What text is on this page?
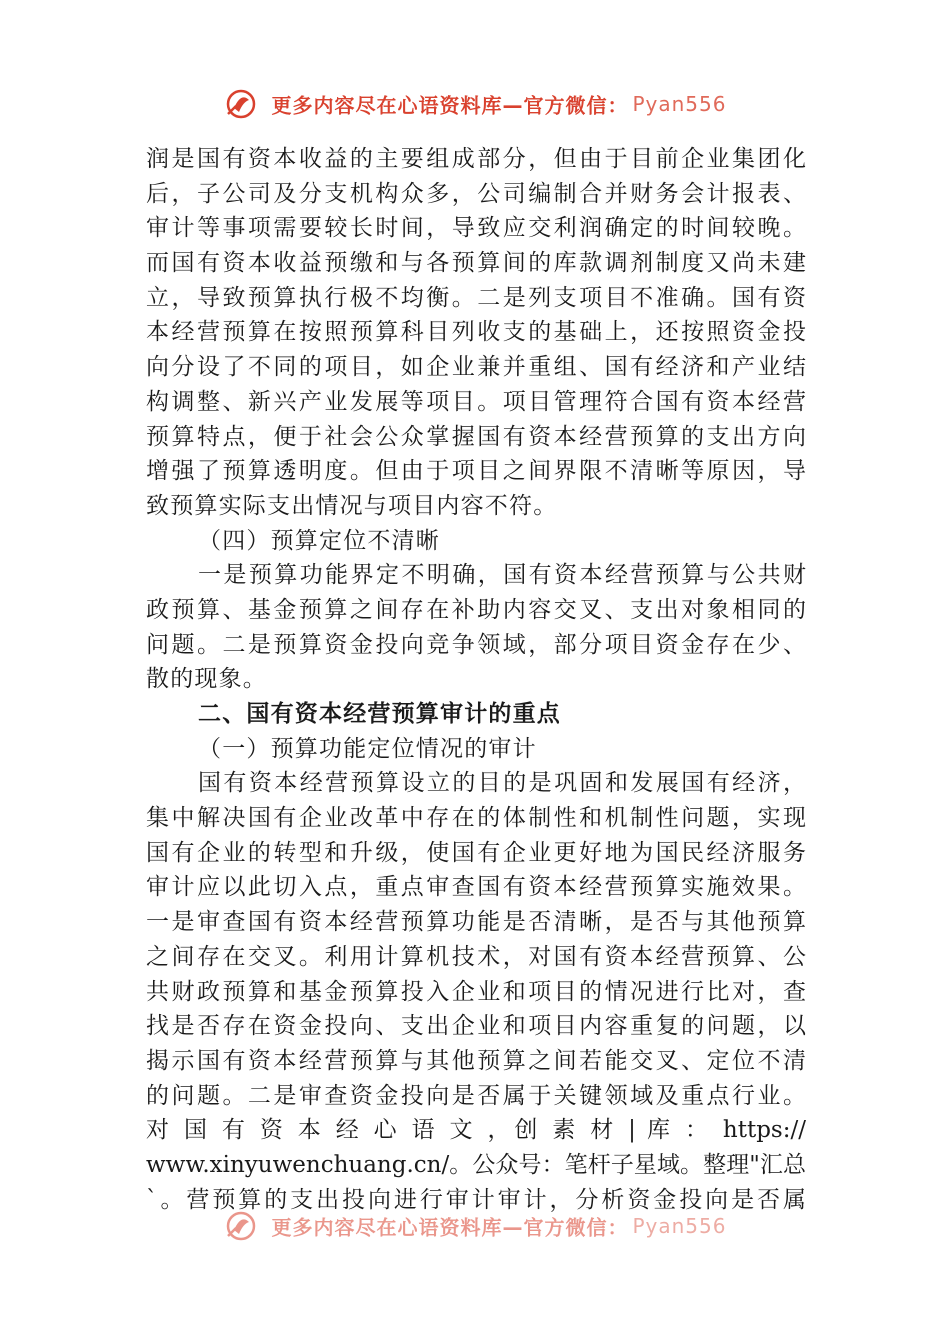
更多内容尽在心语资料库—官方微信： Pyan556
润是国有资本收益的主要组成部分，但由于目前企业集团化
后，子公司及分支机构众多，公司编制合并财务会计报表、
审计等事项需要较长时间，导致应交利润确定的时间较晚。
而国有资本收益预缴和与各预算间的库款调剂制度又尚未建
立，导致预算执行极不均衡。二是列支项目不准确。国有资
本经营预算在按照预算科目列收支的基础上，还按照资金投
向分设了不同的项目，如企业兼并重组、国有经济和产业结
构调整、新兴产业发展等项目。项目管理符合国有资本经营
预算特点，便于社会公众掌握国有资本经营预算的支出方向
增强了预算透明度。但由于项目之间界限不清晰等原因，导
致预算实际支出情况与项目内容不符。
（四）预算定位不清晰
一是预算功能界定不明确，国有资本经营预算与公共财
政预算、基金预算之间存在补助内容交叉、支出对象相同的
问题。二是预算资金投向竞争领域，部分项目资金存在少、
散的现象。
二、国有资本经营预算审计的重点
（一）预算功能定位情况的审计
国有资本经营预算设立的目的是巩固和发展国有经济，
集中解决国有企业改革中存在的体制性和机制性问题，实现
国有企业的转型和升级，使国有企业更好地为国民经济服务
审计应以此切入点，重点审查国有资本经营预算实施效果。
一是审查国有资本经营预算功能是否清晰，是否与其他预算
之间存在交叉。利用计算机技术，对国有资本经营预算、公
共财政预算和基金预算投入企业和项目的情况进行比对，查
找是否存在资金投向、支出企业和项目内容重复的问题，以
揭示国有资本经营预算与其他预算之间若能交叉、定位不清
的问题。二是审查资金投向是否属于关键领域及重点行业。
对 国 有 资 本 经 心 语 文 ，创 素 材 | 库 ： https://
www.xinyuwenchuang.cn/。公众号：笔杆子星域。整理"汇总
`。营预算的支出投向进行审计审计，分析资金投向是否属
更多内容尽在心语资料库—官方微信： Pyan556
